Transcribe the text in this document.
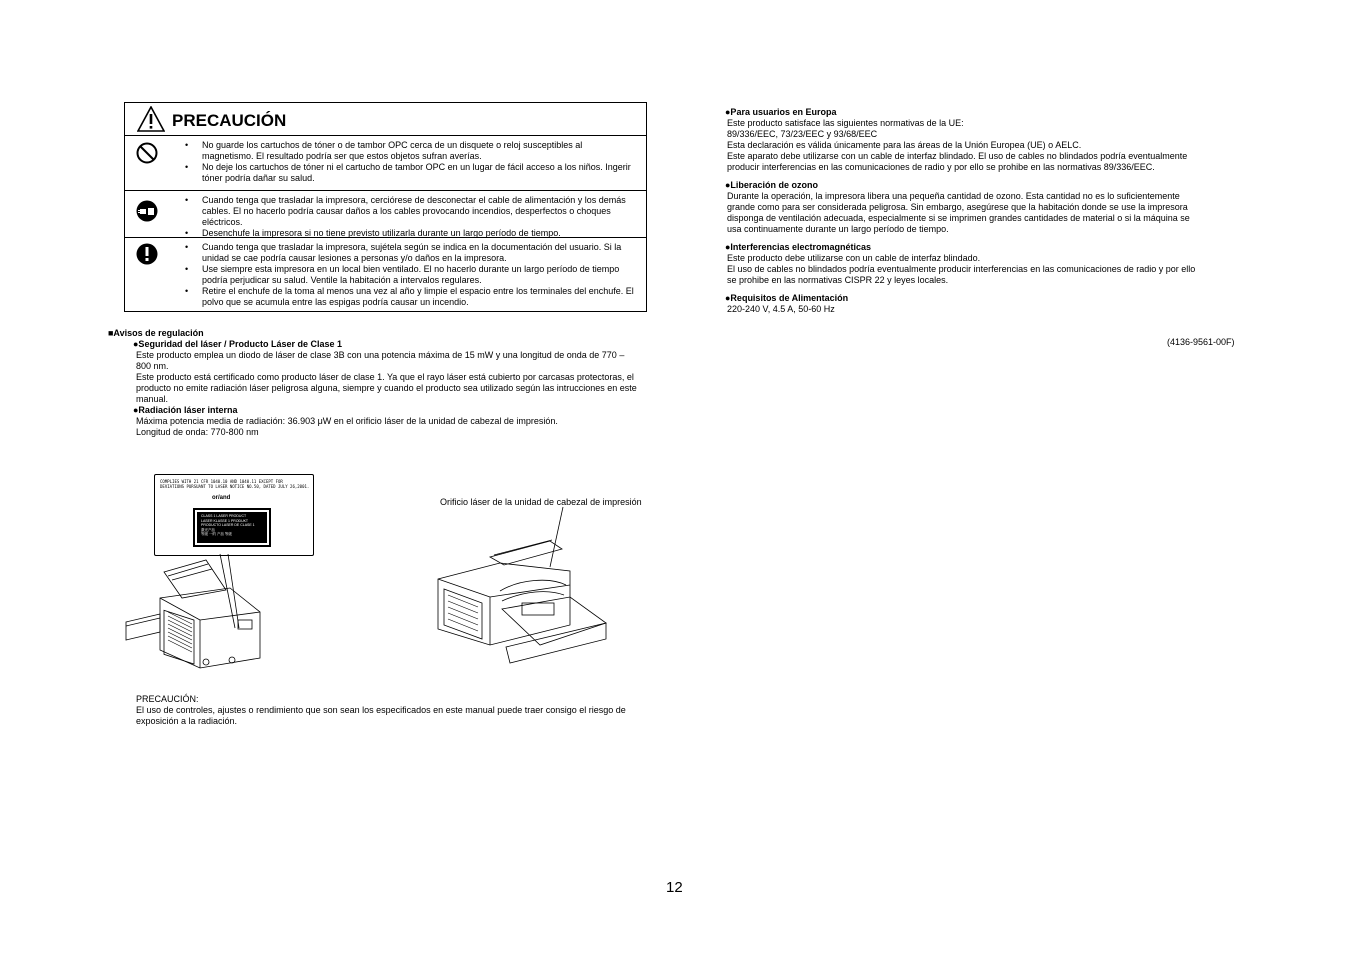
PRECAUCIÓN
• No guarde los cartuchos de tóner o de tambor OPC cerca de un disquete o reloj susceptibles al magnetismo. El resultado podría ser que estos objetos sufran averías.
• No deje los cartuchos de tóner ni el cartucho de tambor OPC en un lugar de fácil acceso a los niños. Ingerir tóner podría dañar su salud.
• Cuando tenga que trasladar la impresora, cerciórese de desconectar el cable de alimentación y los demás cables. El no hacerlo podría causar daños a los cables provocando incendios, desperfectos o choques eléctricos.
• Desenchufe la impresora si no tiene previsto utilizarla durante un largo período de tiempo.
• Cuando tenga que trasladar la impresora, sujétela según se indica en la documentación del usuario. Si la unidad se cae podría causar lesiones a personas y/o daños en la impresora.
• Use siempre esta impresora en un local bien ventilado. El no hacerlo durante un largo período de tiempo podría perjudicar su salud. Ventile la habitación a intervalos regulares.
• Retire el enchufe de la toma al menos una vez al año y limpie el espacio entre los terminales del enchufe. El polvo que se acumula entre las espigas podría causar un incendio.
■Avisos de regulación
●Seguridad del láser / Producto Láser de Clase 1
Este producto emplea un diodo de láser de clase 3B con una potencia máxima de 15 mW y una longitud de onda de 770 –
800 nm.
Este producto está certificado como producto láser de clase 1. Ya que el rayo láser está cubierto por carcasas protectoras, el
producto no emite radiación láser peligrosa alguna, siempre y cuando el producto sea utilizado según las intrucciones en este
manual.
●Radiación láser interna
Máxima potencia media de radiación: 36.903 μW en el orificio láser de la unidad de cabezal de impresión.
Longitud de onda: 770-800 nm
COMPLIES WITH 21 CFR 1040.10 AND 1040.11 EXCEPT FOR
DEVIATIONS PURSUANT TO LASER NOTICE NO.50, DATED JULY 26,2001.
or/and
CLASS 1 LASER PRODUCT
LASER KLASSE 1 PRODUKT
PRODUCTO LASER DE CLASE 1
激光产品
等级 一的 产品 等级
Orificio láser de la unidad de cabezal de impresión
PRECAUCIÓN:
El uso de controles, ajustes o rendimiento que son sean los especificados en este manual puede traer consigo el riesgo de
exposición a la radiación.
●Para usuarios en Europa
Este producto satisface las siguientes normativas de la UE:
89/336/EEC, 73/23/EEC y 93/68/EEC
Esta declaración es válida únicamente para las áreas de la Unión Europea (UE) o AELC.
Este aparato debe utilizarse con un cable de interfaz blindado. El uso de cables no blindados podría eventualmente
producir interferencias en las comunicaciones de radio y por ello se prohibe en las normativas 89/336/EEC.
●Liberación de ozono
Durante la operación, la impresora libera una pequeña cantidad de ozono. Esta cantidad no es lo suficientemente
grande como para ser considerada peligrosa. Sin embargo, asegúrese que la habitación donde se use la impresora
disponga de ventilación adecuada, especialmente si se imprimen grandes cantidades de material o si la máquina se
usa continuamente durante un largo período de tiempo.
●Interferencias electromagnéticas
Este producto debe utilizarse con un cable de interfaz blindado.
El uso de cables no blindados podría eventualmente producir interferencias en las comunicaciones de radio y por ello
se prohibe en las normativas CISPR 22 y leyes locales.
●Requisitos de Alimentación
220-240 V, 4.5 A, 50-60 Hz
(4136-9561-00F)
12
